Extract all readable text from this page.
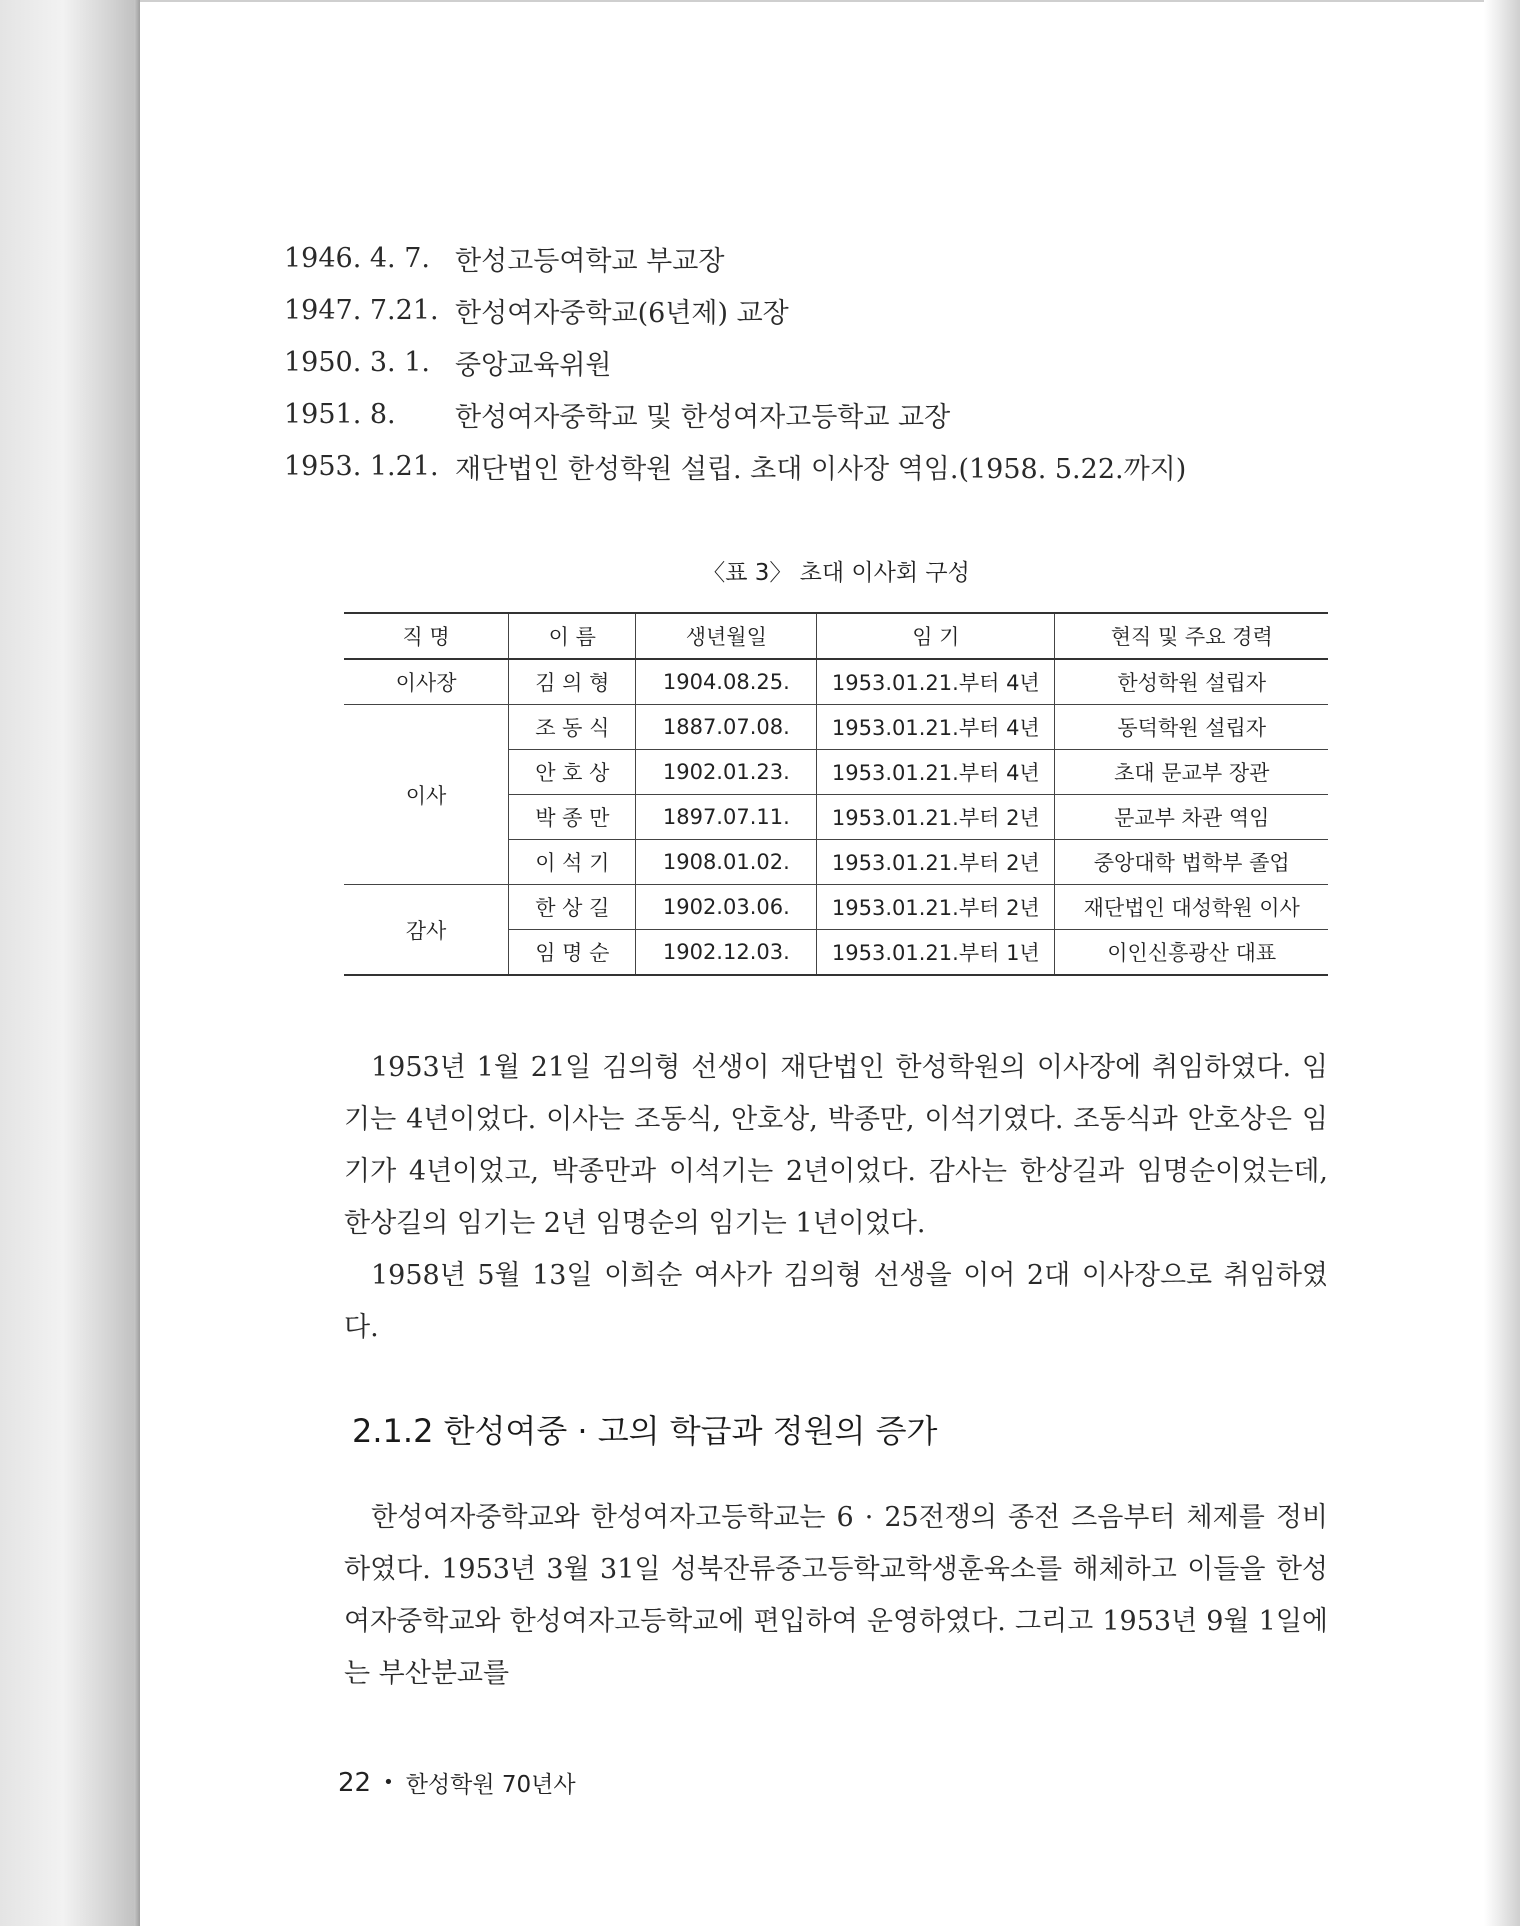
1946. 4. 7. 한성고등여학교 부교장
1947. 7.21. 한성여자중학교(6년제) 교장
1950. 3. 1. 중앙교육위원
1951. 8.	한성여자중학교 및 한성여자고등학교 교장
1953. 1.21. 재단법인 한성학원 설립. 초대 이사장 역임.(1958. 5.22.까지)
〈표 3〉 초대 이사회 구성
직 명	이 름	생년월일	임 기	현직 및 주요 경력
이사장	김 의 형	1904.08.25.	1953.01.21.부터 4년	한성학원 설립자
이사	조 동 식	1887.07.08.	1953.01.21.부터 4년	동덕학원 설립자
	안 호 상	1902.01.23.	1953.01.21.부터 4년	초대 문교부 장관
	박 종 만	1897.07.11.	1953.01.21.부터 2년	문교부 차관 역임
	이 석 기	1908.01.02.	1953.01.21.부터 2년	중앙대학 법학부 졸업
감사	한 상 길	1902.03.06.	1953.01.21.부터 2년	재단법인 대성학원 이사
	임 명 순	1902.12.03.	1953.01.21.부터 1년	이인신흥광산 대표
1953년 1월 21일 김의형 선생이 재단법인 한성학원의 이사장에 취임하였다. 임기는 4년이었다. 이사는 조동식, 안호상, 박종만, 이석기였다. 조동식과 안호상은 임기가 4년이었고, 박종만과 이석기는 2년이었다. 감사는 한상길과 임명순이었는데, 한상길의 임기는 2년 임명순의 임기는 1년이었다.
1958년 5월 13일 이희순 여사가 김의형 선생을 이어 2대 이사장으로 취임하였다.
2.1.2 한성여중 · 고의 학급과 정원의 증가
한성여자중학교와 한성여자고등학교는 6 · 25전쟁의 종전 즈음부터 체제를 정비하였다. 1953년 3월 31일 성북잔류중고등학교학생훈육소를 해체하고 이들을 한성여자중학교와 한성여자고등학교에 편입하여 운영하였다. 그리고 1953년 9월 1일에는 부산분교를
22 • 한성학원 70년사
